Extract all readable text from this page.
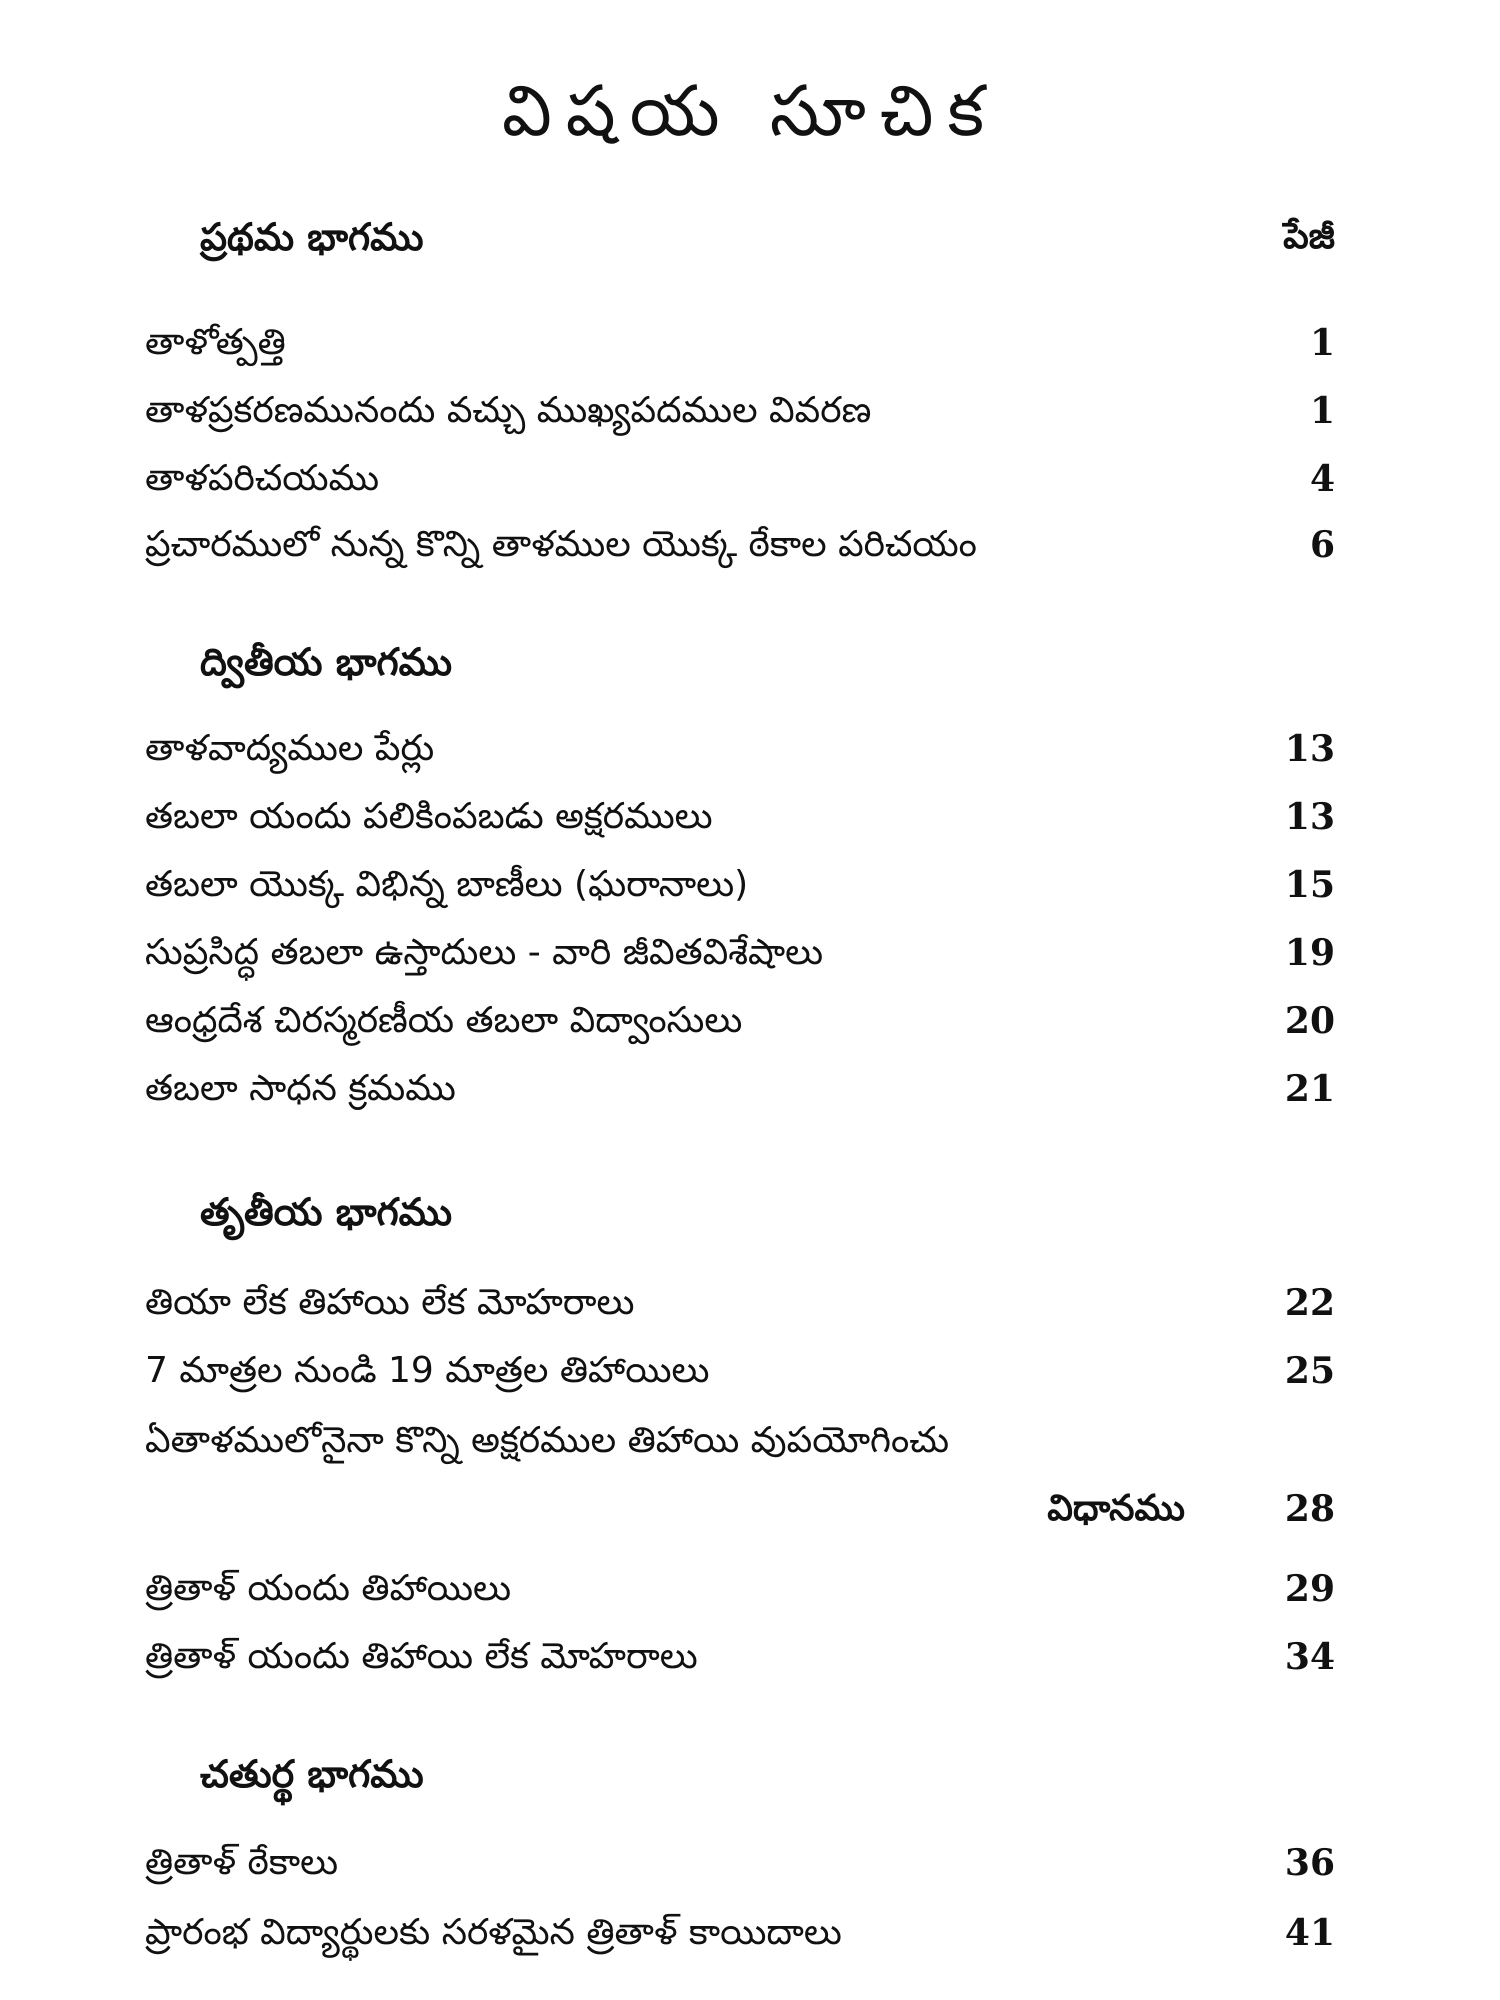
విషయ సూచిక
ప్రథమ భాగము	పేజీ
తాళోత్పత్తి	1
తాళప్రకరణమునందు వచ్చు ముఖ్యపదముల వివరణ	1
తాళపరిచయము	4
ప్రచారములో నున్న కొన్ని తాళముల యొక్క ఠేకాల పరిచయం	6
ద్వితీయ భాగము
తాళవాద్యముల పేర్లు	13
తబలా యందు పలికింపబడు అక్షరములు	13
తబలా యొక్క విభిన్న బాణీలు (ఘరానాలు)	15
సుప్రసిద్ధ తబలా ఉస్తాదులు - వారి జీవితవిశేషాలు	19
ఆంధ్రదేశ చిరస్మరణీయ తబలా విద్వాంసులు	20
తబలా సాధన క్రమము	21
తృతీయ భాగము
తియా లేక తిహాయి లేక మోహరాలు	22
7 మాత్రల నుండి 19 మాత్రల తిహాయిలు	25
ఏతాళములోనైనా కొన్ని అక్షరముల తిహాయి వుపయోగించు
విధానము	28
త్రితాళ్ యందు తిహాయిలు	29
త్రితాళ్ యందు తిహాయి లేక మోహరాలు	34
చతుర్థ భాగము
త్రితాళ్ ఠేకాలు	36
ప్రారంభ విద్యార్థులకు సరళమైన త్రితాళ్ కాయిదాలు	41
